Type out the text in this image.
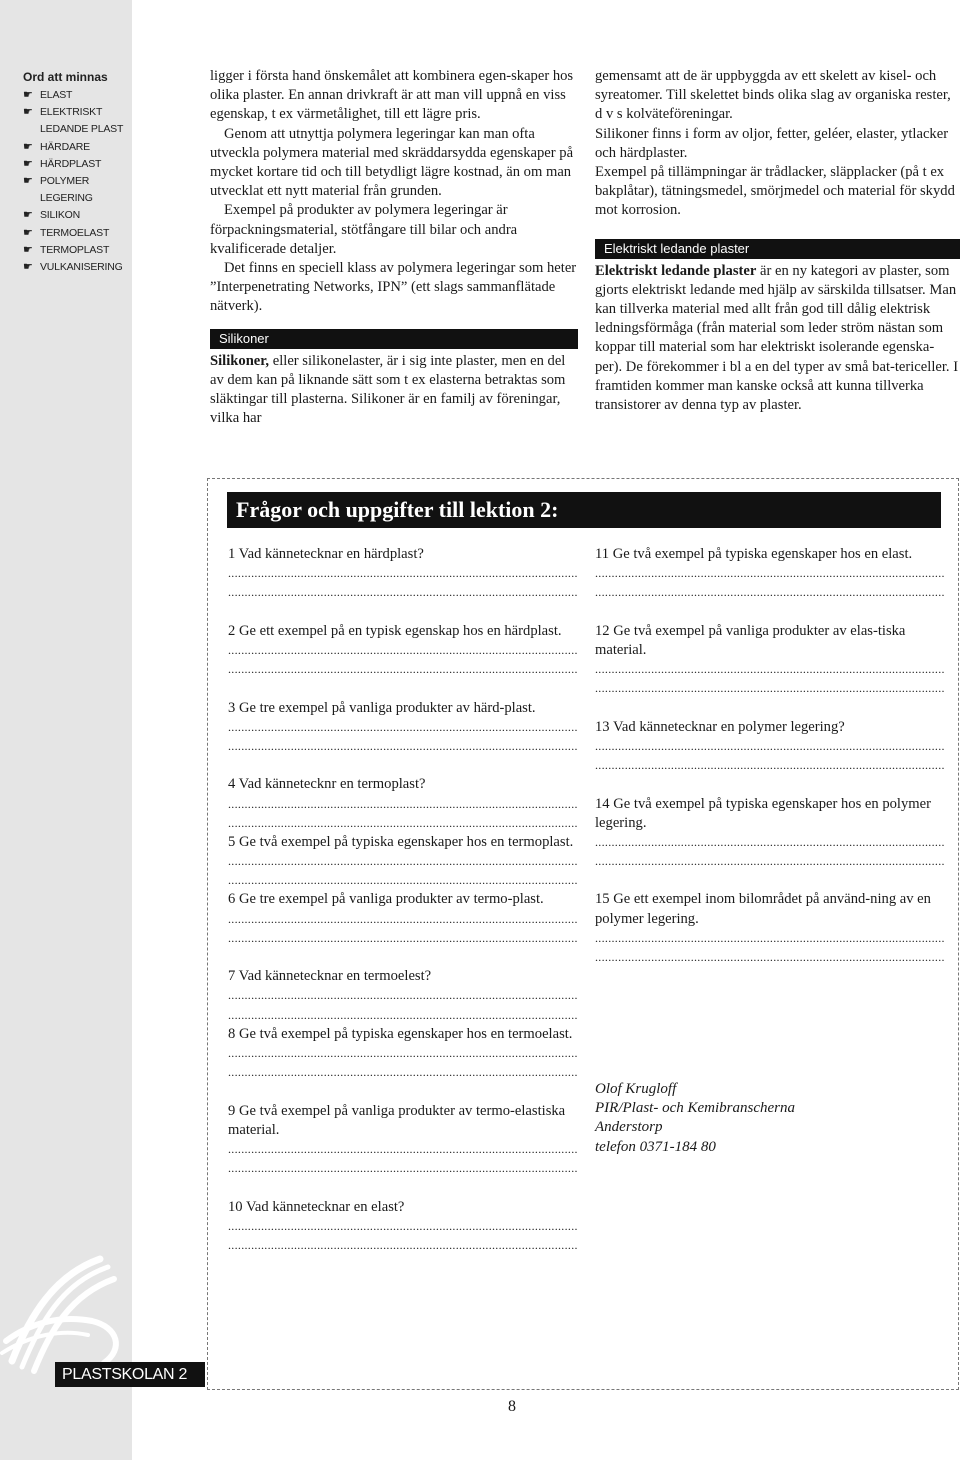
Ord att minnas
☛ ELAST
☛ ELEKTRISKT
LEDANDE PLAST
☛ HÄRDARE
☛ HÄRDPLAST
☛ POLYMER
LEGERING
☛ SILIKON
☛ TERMOELAST
☛ TERMOPLAST
☛ VULKANISERING
PLASTSKOLAN 2

ligger i första hand önskemålet att kombinera egen-skaper hos olika plaster. En annan drivkraft är att man vill uppnå en viss egenskap, t ex värmetålighet, till ett lägre pris.

Genom att utnyttja polymera legeringar kan man ofta utveckla polymera material med skräddarsydda egenskaper på mycket kortare tid och till betydligt lägre kostnad, än om man utvecklat ett nytt material från grunden.

Exempel på produkter av polymera legeringar är förpackningsmaterial, stötfångare till bilar och andra kvalificerade detaljer.

Det finns en speciell klass av polymera legeringar som heter ”Interpenetrating Networks, IPN” (ett slags sammanflätade nätverk).

Silikoner

Silikoner, eller silikonelaster, är i sig inte plaster, men en del av dem kan på liknande sätt som t ex elasterna betraktas som släktingar till plasterna. Silikoner är en familj av föreningar, vilka har

gemensamt att de är uppbyggda av ett skelett av kisel- och syreatomer. Till skelettet binds olika slag av organiska rester, d v s kolväteföreningar.

Silikoner finns i form av oljor, fetter, geléer, elaster, ytlacker och härdplaster.

Exempel på tillämpningar är trådlacker, släpplacker (på t ex bakplåtar), tätningsmedel, smörjmedel och material för skydd mot korrosion.

Elektriskt ledande plaster

Elektriskt ledande plaster är en ny kategori av plaster, som gjorts elektriskt ledande med hjälp av särskilda tillsatser. Man kan tillverka material med allt från god till dålig elektrisk ledningsförmåga (från material som leder ström nästan som koppar till material som har elektriskt isolerande egenska-per). De förekommer i bl a en del typer av små bat-tericeller. I framtiden kommer man kanske också att kunna tillverka transistorer av denna typ av plaster.

Frågor och uppgifter till lektion 2:

1 Vad kännetecknar en härdplast?

.....
.....

2 Ge ett exempel på en typisk egenskap hos en härdplast.

.....
.....

3 Ge tre exempel på vanliga produkter av härd-plast.

.....
.....

4 Vad kännetecknr en termoplast?

.....
.....

5 Ge två exempel på typiska egenskaper hos en termoplast.

.....
.....

6 Ge tre exempel på vanliga produkter av termo-plast.

.....
.....

7 Vad kännetecknar en termoelest?

.....
.....

8 Ge två exempel på typiska egenskaper hos en termoelast.

.....
.....

9 Ge två exempel på vanliga produkter av termo-elastiska material.

.....
.....

10 Vad kännetecknar en elast?

.....
.....

11 Ge två exempel på typiska egenskaper hos en elast.

.....
.....

12 Ge två exempel på vanliga produkter av elas-tiska material.

.....
.....

13 Vad kännetecknar en polymer legering?

.....
.....

14 Ge två exempel på typiska egenskaper hos en polymer legering.

.....
.....

15 Ge ett exempel inom bilområdet på använd-ning av en polymer legering.

.....
.....
Olof Krugloff
PIR/Plast- och Kemibranscherna
Anderstorp
telefon 0371-184 80
8
